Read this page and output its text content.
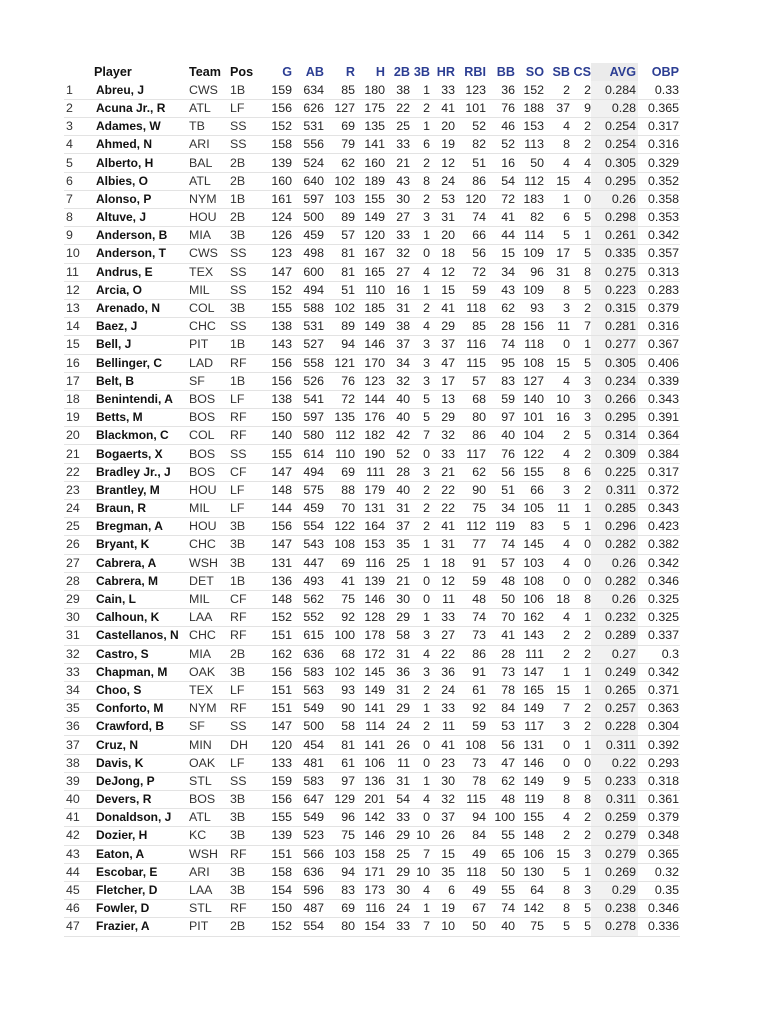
	Player	Team	Pos	G	AB	R	H	2B	3B	HR	RBI	BB	SO	SB	CS	AVG	OBP
1	Abreu, J	CWS	1B	159	634	85	180	38	1	33	123	36	152	2	2	0.284	0.33
2	Acuna Jr., R	ATL	LF	156	626	127	175	22	2	41	101	76	188	37	9	0.28	0.365
3	Adames, W	TB	SS	152	531	69	135	25	1	20	52	46	153	4	2	0.254	0.317
4	Ahmed, N	ARI	SS	158	556	79	141	33	6	19	82	52	113	8	2	0.254	0.316
5	Alberto, H	BAL	2B	139	524	62	160	21	2	12	51	16	50	4	4	0.305	0.329
6	Albies, O	ATL	2B	160	640	102	189	43	8	24	86	54	112	15	4	0.295	0.352
7	Alonso, P	NYM	1B	161	597	103	155	30	2	53	120	72	183	1	0	0.26	0.358
8	Altuve, J	HOU	2B	124	500	89	149	27	3	31	74	41	82	6	5	0.298	0.353
9	Anderson, B	MIA	3B	126	459	57	120	33	1	20	66	44	114	5	1	0.261	0.342
10	Anderson, T	CWS	SS	123	498	81	167	32	0	18	56	15	109	17	5	0.335	0.357
11	Andrus, E	TEX	SS	147	600	81	165	27	4	12	72	34	96	31	8	0.275	0.313
12	Arcia, O	MIL	SS	152	494	51	110	16	1	15	59	43	109	8	5	0.223	0.283
13	Arenado, N	COL	3B	155	588	102	185	31	2	41	118	62	93	3	2	0.315	0.379
14	Baez, J	CHC	SS	138	531	89	149	38	4	29	85	28	156	11	7	0.281	0.316
15	Bell, J	PIT	1B	143	527	94	146	37	3	37	116	74	118	0	1	0.277	0.367
16	Bellinger, C	LAD	RF	156	558	121	170	34	3	47	115	95	108	15	5	0.305	0.406
17	Belt, B	SF	1B	156	526	76	123	32	3	17	57	83	127	4	3	0.234	0.339
18	Benintendi, A	BOS	LF	138	541	72	144	40	5	13	68	59	140	10	3	0.266	0.343
19	Betts, M	BOS	RF	150	597	135	176	40	5	29	80	97	101	16	3	0.295	0.391
20	Blackmon, C	COL	RF	140	580	112	182	42	7	32	86	40	104	2	5	0.314	0.364
21	Bogaerts, X	BOS	SS	155	614	110	190	52	0	33	117	76	122	4	2	0.309	0.384
22	Bradley Jr., J	BOS	CF	147	494	69	111	28	3	21	62	56	155	8	6	0.225	0.317
23	Brantley, M	HOU	LF	148	575	88	179	40	2	22	90	51	66	3	2	0.311	0.372
24	Braun, R	MIL	LF	144	459	70	131	31	2	22	75	34	105	11	1	0.285	0.343
25	Bregman, A	HOU	3B	156	554	122	164	37	2	41	112	119	83	5	1	0.296	0.423
26	Bryant, K	CHC	3B	147	543	108	153	35	1	31	77	74	145	4	0	0.282	0.382
27	Cabrera, A	WSH	3B	131	447	69	116	25	1	18	91	57	103	4	0	0.26	0.342
28	Cabrera, M	DET	1B	136	493	41	139	21	0	12	59	48	108	0	0	0.282	0.346
29	Cain, L	MIL	CF	148	562	75	146	30	0	11	48	50	106	18	8	0.26	0.325
30	Calhoun, K	LAA	RF	152	552	92	128	29	1	33	74	70	162	4	1	0.232	0.325
31	Castellanos, N	CHC	RF	151	615	100	178	58	3	27	73	41	143	2	2	0.289	0.337
32	Castro, S	MIA	2B	162	636	68	172	31	4	22	86	28	111	2	2	0.27	0.3
33	Chapman, M	OAK	3B	156	583	102	145	36	3	36	91	73	147	1	1	0.249	0.342
34	Choo, S	TEX	LF	151	563	93	149	31	2	24	61	78	165	15	1	0.265	0.371
35	Conforto, M	NYM	RF	151	549	90	141	29	1	33	92	84	149	7	2	0.257	0.363
36	Crawford, B	SF	SS	147	500	58	114	24	2	11	59	53	117	3	2	0.228	0.304
37	Cruz, N	MIN	DH	120	454	81	141	26	0	41	108	56	131	0	1	0.311	0.392
38	Davis, K	OAK	LF	133	481	61	106	11	0	23	73	47	146	0	0	0.22	0.293
39	DeJong, P	STL	SS	159	583	97	136	31	1	30	78	62	149	9	5	0.233	0.318
40	Devers, R	BOS	3B	156	647	129	201	54	4	32	115	48	119	8	8	0.311	0.361
41	Donaldson, J	ATL	3B	155	549	96	142	33	0	37	94	100	155	4	2	0.259	0.379
42	Dozier, H	KC	3B	139	523	75	146	29	10	26	84	55	148	2	2	0.279	0.348
43	Eaton, A	WSH	RF	151	566	103	158	25	7	15	49	65	106	15	3	0.279	0.365
44	Escobar, E	ARI	3B	158	636	94	171	29	10	35	118	50	130	5	1	0.269	0.32
45	Fletcher, D	LAA	3B	154	596	83	173	30	4	6	49	55	64	8	3	0.29	0.35
46	Fowler, D	STL	RF	150	487	69	116	24	1	19	67	74	142	8	5	0.238	0.346
47	Frazier, A	PIT	2B	152	554	80	154	33	7	10	50	40	75	5	5	0.278	0.336
